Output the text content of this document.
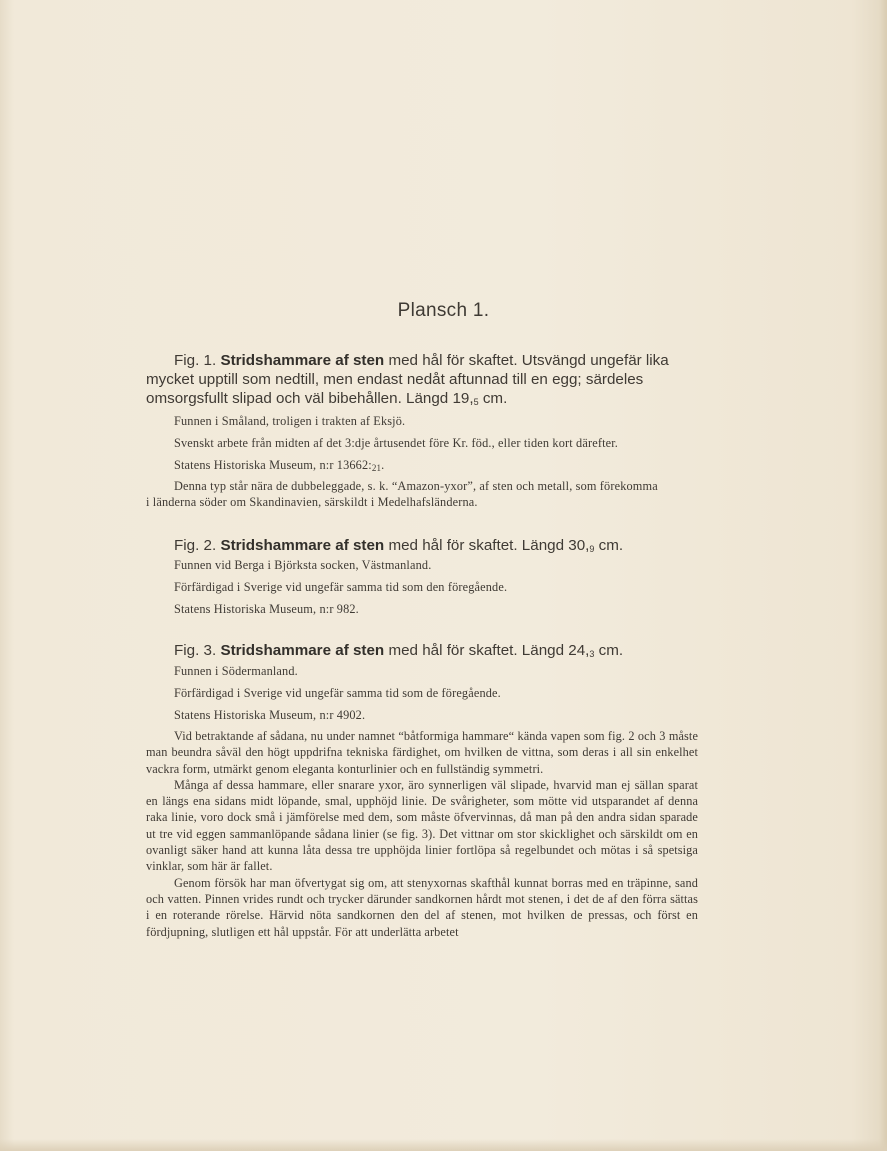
Plansch 1.
Fig. 1. Stridshammare af sten med hål för skaftet. Utsvängd ungefär lika mycket upptill som nedtill, men endast nedåt aftunnad till en egg; särdeles omsorgsfullt slipad och väl bibehållen. Längd $19,_5$ cm.
Funnen i Småland, troligen i trakten af Eksjö.
Svenskt arbete från midten af det 3:dje årtusendet före Kr. föd., eller tiden kort därefter.
Statens Historiska Museum, n:r $13662:_{21}$.
Denna typ står nära de dubbeleggade, s. k. “Amazon-yxor”, af sten och metall, som förekomma
i länderna söder om Skandinavien, särskildt i Medelhafsländerna.
Fig. 2. Stridshammare af sten med hål för skaftet. Längd $30,_9$ cm.
Funnen vid Berga i Björksta socken, Västmanland.
Förfärdigad i Sverige vid ungefär samma tid som den föregående.
Statens Historiska Museum, n:r 982.
Fig. 3. Stridshammare af sten med hål för skaftet. Längd $24,_3$ cm.
Funnen i Södermanland.
Förfärdigad i Sverige vid ungefär samma tid som de föregående.
Statens Historiska Museum, n:r 4902.

Vid betraktande af sådana, nu under namnet “båtformiga hammare“ kända vapen som fig. 2 och 3 måste man beundra såväl den högt uppdrifna tekniska färdighet, om hvilken de vittna, som deras i all sin enkelhet vackra form, utmärkt genom eleganta konturlinier och en fullständig symmetri.

Många af dessa hammare, eller snarare yxor, äro synnerligen väl slipade, hvarvid man ej sällan sparat en längs ena sidans midt löpande, smal, upphöjd linie. De svårigheter, som mötte vid utsparandet af denna raka linie, voro dock små i jämförelse med dem, som måste öfvervinnas, då man på den andra sidan sparade ut tre vid eggen sammanlöpande sådana linier (se fig. 3). Det vittnar om stor skicklighet och särskildt om en ovanligt säker hand att kunna låta dessa tre upphöjda linier fortlöpa så regelbundet och mötas i så spetsiga vinklar, som här är fallet.

Genom försök har man öfvertygat sig om, att stenyxornas skafthål kunnat borras med en träpinne, sand och vatten. Pinnen vrides rundt och trycker därunder sandkornen hårdt mot stenen, i det de af den förra sättas i en roterande rörelse. Härvid nöta sandkornen den del af stenen, mot hvilken de pressas, och först en fördjupning, slutligen ett hål uppstår. För att underlätta arbetet
